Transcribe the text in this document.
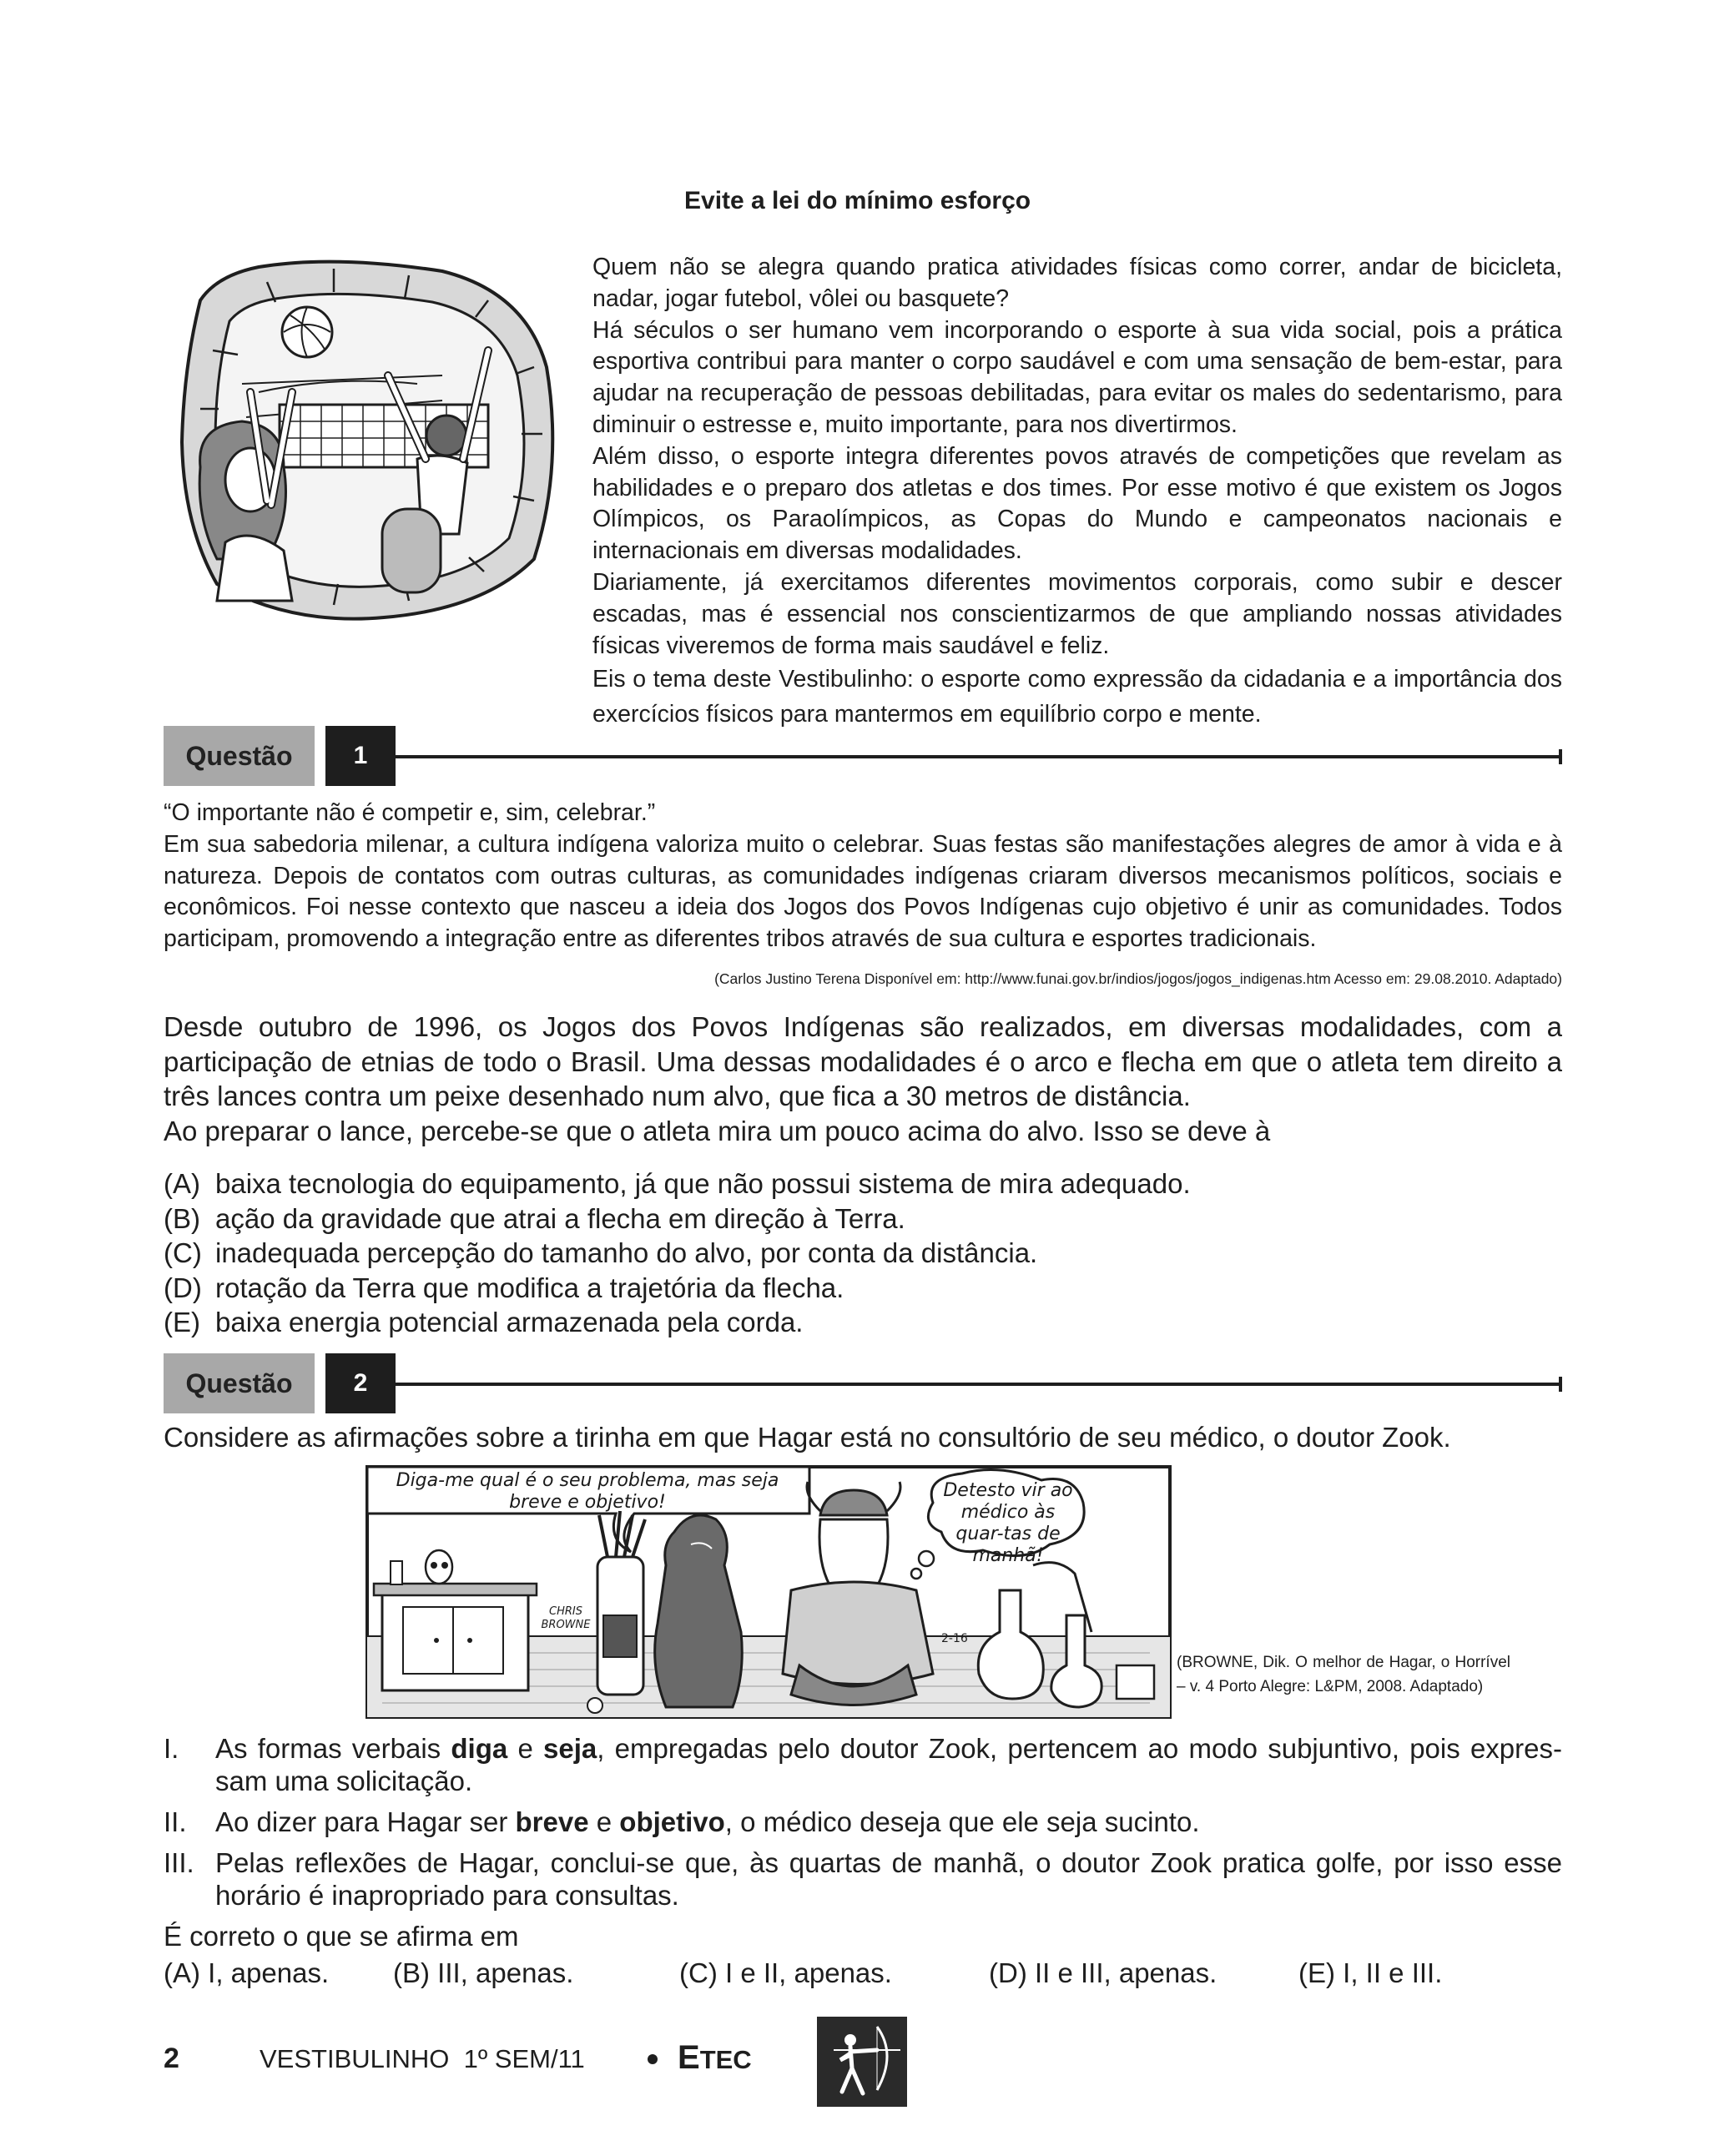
Evite a lei do mínimo esforço

Quem não se alegra quando pratica atividades físicas como correr, andar de bicicleta, nadar, jogar futebol, vôlei ou basquete?

Há séculos o ser humano vem incorporando o esporte à sua vida social, pois a prática esportiva contribui para manter o corpo saudável e com uma sensação de bem-estar, para ajudar na recuperação de pessoas debilitadas, para evitar os males do sedentarismo, para diminuir o estresse e, muito importante, para nos divertirmos.

Além disso, o esporte integra diferentes povos através de competições que revelam as habilidades e o preparo dos atletas e dos times. Por esse motivo é que existem os Jogos Olímpicos, os Paraolímpicos, as Copas do Mundo e campeonatos nacionais e internacionais em diversas modalidades.

Diariamente, já exercitamos diferentes movimentos corporais, como subir e descer escadas, mas é essencial nos conscientizarmos de que ampliando nossas atividades físicas viveremos de forma mais saudável e feliz.

Eis o tema deste Vestibulinho: o esporte como expressão da cidadania e a importância dos exercícios físicos para mantermos em equilíbrio corpo e mente.

Questão	1

“O importante não é competir e, sim, celebrar.”

Em sua sabedoria milenar, a cultura indígena valoriza muito o celebrar. Suas festas são manifestações alegres de amor à vida e à natureza. Depois de contatos com outras culturas, as comunidades indígenas criaram diversos mecanismos políticos, sociais e econômicos. Foi nesse contexto que nasceu a ideia dos Jogos dos Povos Indígenas cujo objetivo é unir as comunidades. Todos participam, promovendo a integração entre as diferentes tribos através de sua cultura e esportes tradicionais.
(Carlos Justino Terena Disponível em: http://www.funai.gov.br/indios/jogos/jogos_indigenas.htm Acesso em: 29.08.2010. Adaptado)

Desde outubro de 1996, os Jogos dos Povos Indígenas são realizados, em diversas modalidades, com a participação de etnias de todo o Brasil. Uma dessas modalidades é o arco e flecha em que o atleta tem direito a três lances contra um peixe desenhado num alvo, que fica a 30 metros de distância.

Ao preparar o lance, percebe-se que o atleta mira um pouco acima do alvo. Isso se deve à

(A) baixa tecnologia do equipamento, já que não possui sistema de mira adequado.
(B) ação da gravidade que atrai a flecha em direção à Terra.
(C) inadequada percepção do tamanho do alvo, por conta da distância.
(D) rotação da Terra que modifica a trajetória da flecha.
(E) baixa energia potencial armazenada pela corda.
Questão	2
Considere as afirmações sobre a tirinha em que Hagar está no consultório de seu médico, o doutor Zook.
Diga-me qual é o seu problema, mas seja breve e objetivo!
Detesto vir ao médico às quar-tas de manhã!
CHRIS BROWNE
2-16
(BROWNE, Dik. O melhor de Hagar, o Horrível – v. 4 Porto Alegre: L&PM, 2008. Adaptado)
I.	As formas verbais diga e seja, empregadas pelo doutor Zook, pertencem ao modo subjuntivo, pois expres-sam uma solicitação.
II.	Ao dizer para Hagar ser breve e objetivo, o médico deseja que ele seja sucinto.
III. Pelas reflexões de Hagar, conclui-se que, às quartas de manhã, o doutor Zook pratica golfe, por isso esse horário é inapropriado para consultas.
É correto o que se afirma em
(A) I, apenas. (B) III, apenas.	(C) I e II, apenas.	(D) II e III, apenas.	(E) I, II e III.
2	VESTIBULINHO  1º SEM/11	ETEC
